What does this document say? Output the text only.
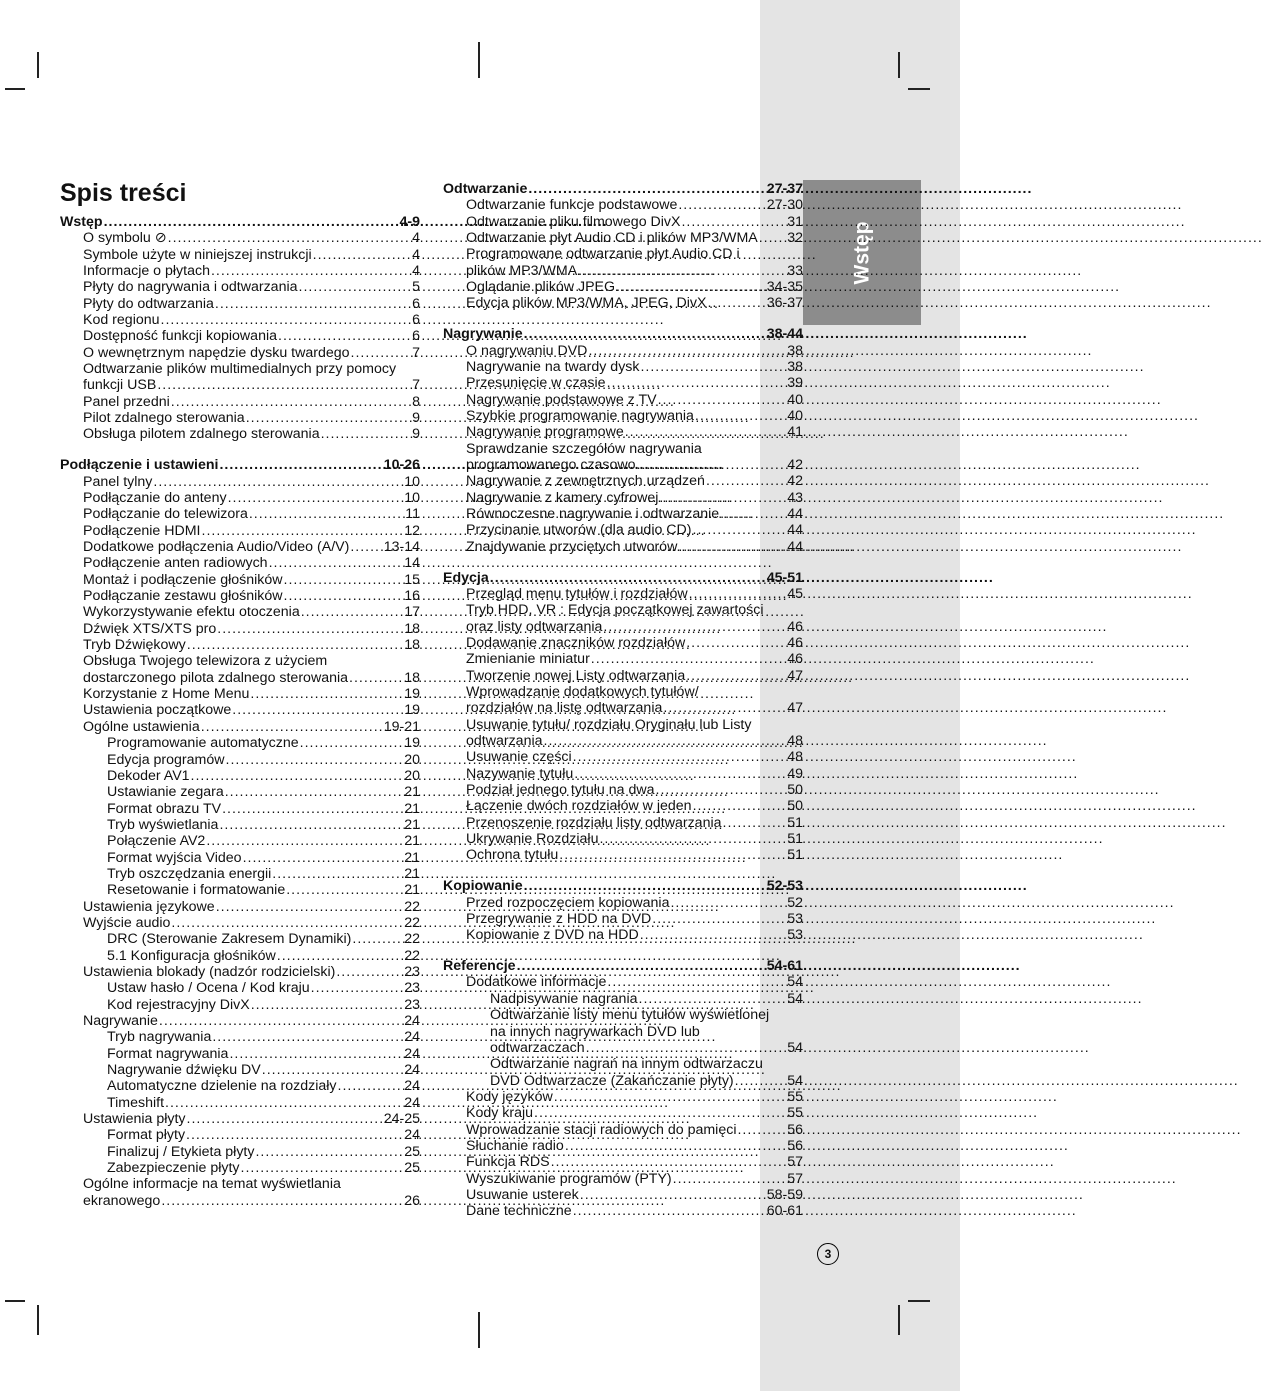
Wstęp
Spis treści
Wstęp .....	4-9
O symbolu ⊘ .....	4
Symbole użyte w niniejszej instrukcji .....	4
Informacje o płytach .....	4
Płyty do nagrywania i odtwarzania .....	5
Płyty do odtwarzania .....	6
Kod regionu .....	6
Dostępność funkcji kopiowania .....	6
O wewnętrznym napędzie dysku twardego .....	7
Odtwarzanie plików multimedialnych przy pomocy
funkcji USB .....	7
Panel przedni .....	8
Pilot zdalnego sterowania .....	9
Obsługa pilotem zdalnego sterowania .....	9
Podłączenie i ustawieni .....	10-26
Panel tylny .....	10
Podłączanie do anteny .....	10
Podłączanie do telewizora .....	11
Podłączenie HDMI .....	12
Dodatkowe podłączenia Audio/Video (A/V) ..... 13-14
Podłączenie anten radiowych .....	14
Montaż i podłączenie głośników .....	15
Podłączanie zestawu głośników .....	16
Wykorzystywanie efektu otoczenia .....	17
Dźwięk XTS/XTS pro .....	18
Tryb Dźwiękowy .....	18
Obsługa Twojego telewizora z użyciem
dostarczonego pilota zdalnego sterowania .....	18
Korzystanie z Home Menu .....	19
Ustawienia początkowe .....	19
Ogólne ustawienia .....	19-21
Programowanie automatyczne .....	19
Edycja programów .....	20
Dekoder AV1 .....	20
Ustawianie zegara .....	21
Format obrazu TV .....	21
Tryb wyświetlania .....	21
Połączenie AV2 .....	21
Format wyjścia Video .....	21
Tryb oszczędzania energii .....	21
Resetowanie i formatowanie .....	21
Ustawienia językowe .....	22
Wyjście audio .....	22
DRC (Sterowanie Zakresem Dynamiki) .....	22
5.1 Konfiguracja głośników .....	22
Ustawienia blokady (nadzór rodzicielski) .....	23
Ustaw hasło / Ocena / Kod kraju .....	23
Kod rejestracyjny DivX .....	23
Nagrywanie .....	24
Tryb nagrywania .....	24
Format nagrywania .....	24
Nagrywanie dźwięku DV .....	24
Automatyczne dzielenie na rozdziały .....	24
Timeshift .....	24
Ustawienia płyty .....	24-25
Format płyty .....	24
Finalizuj / Etykieta płyty .....	25
Zabezpieczenie płyty .....	25
Ogólne informacje na temat wyświetlania
ekranowego .....	26
Odtwarzanie .....	27-37
Odtwarzanie funkcje podstawowe .....	27-30
Odtwarzanie pliku filmowego DivX .....	31
Odtwarzanie płyt Audio CD i plików MP3/WMA ..... 32
Programowane odtwarzanie płyt Audio CD i
plików MP3/WMA .....	33
Oglądanie plików JPEG .....	34-35
Edycja plików MP3/WMA, JPEG, DivX .....	36-37
Nagrywanie .....	38-44
O nagrywaniu DVD .....	38
Nagrywanie na twardy dysk .....	38
Przesunięcie w czasie .....	39
Nagrywanie podstawowe z TV .....	40
Szybkie programowanie nagrywania .....	40
Nagrywanie programowe .....	41
Sprawdzanie szczegółów nagrywania
programowanego czasowo .....	42
Nagrywanie z zewnętrznych urządzeń .....	42
Nagrywanie z kamery cyfrowej .....	43
Równoczesne nagrywanie i odtwarzanie .....	44
Przycinanie utworów (dla audio CD) .....	44
Znajdywanie przyciętych utworów .....	44
Edycja .....	45-51
Przegląd menu tytułów i rozdziałów .....	45
Tryb HDD, VR : Edycja początkowej zawartości
oraz listy odtwarzania .....	46
Dodawanie znaczników rozdziałów .....	46
Zmienianie miniatur .....	46
Tworzenie nowej Listy odtwarzania .....	47
Wprowadzanie dodatkowych tytułów/
rozdziałów na listę odtwarzania .....	47
Usuwanie tytułu/ rozdziału Oryginału lub Listy
odtwarzania .....	48
Usuwanie części .....	48
Nazywanie tytułu .....	49
Podział jednego tytułu na dwa .....	50
Łączenie dwóch rozdziałów w jeden .....	50
Przenoszenie rozdziału listy odtwarzania .....	51
Ukrywanie Rozdziału .....	51
Ochrona tytułu .....	51
Kopiowanie .....	52-53
Przed rozpoczęciem kopiowania .....	52
Przegrywanie z HDD na DVD .....	53
Kopiowanie z DVD na HDD .....	53
Referencje .....	54-61
Dodatkowe informacje .....	54
Nadpisywanie nagrania .....	54
Odtwarzanie listy menu tytułów wyświetlonej
na innych nagrywarkach DVD lub
odtwarzaczach .....	54
Odtwarzanie nagrań na innym odtwarzaczu
DVD Odtwarzacze (Zakańczanie płyty) .....	54
Kody języków .....	55
Kody kraju .....	55
Wprowadzanie stacji radiowych do pamięci .....	56
Słuchanie radio .....	56
Funkcja RDS .....	57
Wyszukiwanie programów (PTY) .....	57
Usuwanie usterek .....	58-59
Dane techniczne .....	60-61
3
